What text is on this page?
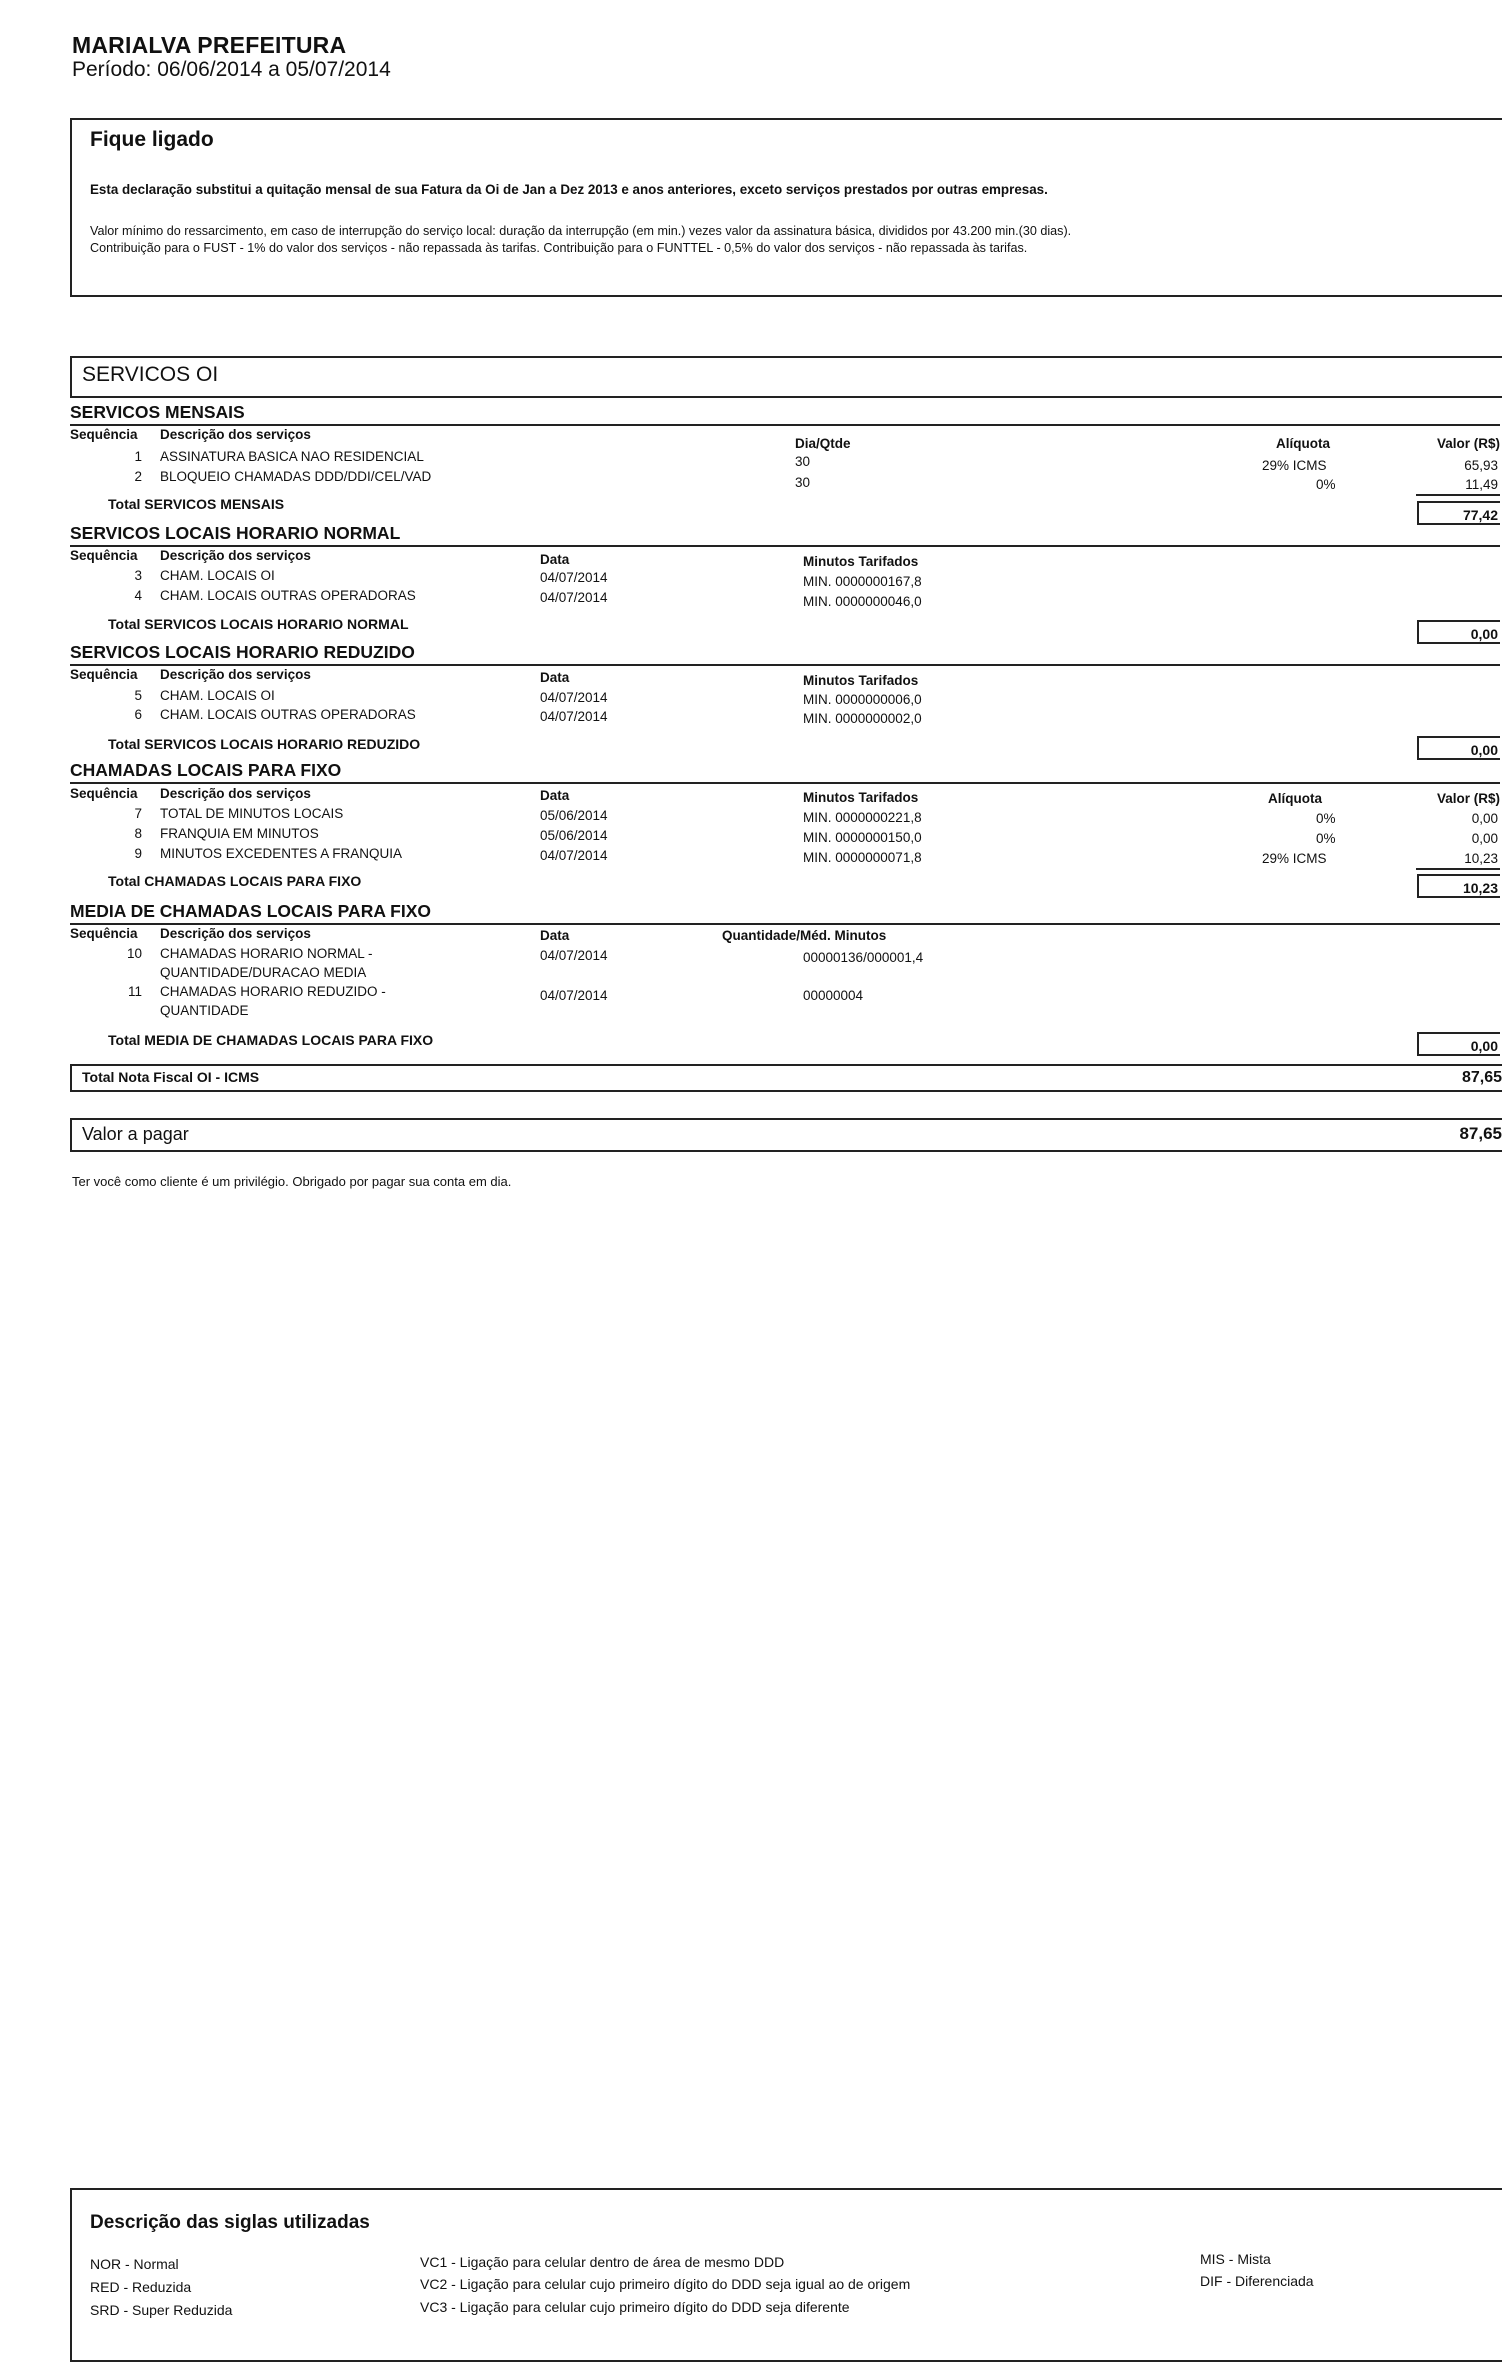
MARIALVA PREFEITURA
Período: 06/06/2014 a 05/07/2014
Fique ligado
Esta declaração substitui a quitação mensal de sua Fatura da Oi de Jan a Dez 2013 e anos anteriores, exceto serviços prestados por outras empresas.
Valor mínimo do ressarcimento, em caso de interrupção do serviço local: duração da interrupção (em min.) vezes valor da assinatura básica, divididos por 43.200 min.(30 dias).
Contribuição para o FUST - 1% do valor dos serviços - não repassada às tarifas. Contribuição para o FUNTTEL - 0,5% do valor dos serviços - não repassada às tarifas.
SERVICOS OI
SERVICOS MENSAIS
Sequência Descrição dos serviços
Dia/Qtde	Alíquota	Valor (R$)
1 ASSINATURA BASICA NAO RESIDENCIAL	30	29% ICMS	65,93
2 BLOQUEIO CHAMADAS DDD/DDI/CEL/VAD	30	0%	11,49
Total SERVICOS MENSAIS
77,42
SERVICOS LOCAIS HORARIO NORMAL
Sequência Descrição dos serviços	Data	Minutos Tarifados
3 CHAM. LOCAIS OI	04/07/2014	MIN. 0000000167,8
4 CHAM. LOCAIS OUTRAS OPERADORAS	04/07/2014	MIN. 0000000046,0
Total SERVICOS LOCAIS HORARIO NORMAL
0,00
SERVICOS LOCAIS HORARIO REDUZIDO
Sequência Descrição dos serviços	Data	Minutos Tarifados
5 CHAM. LOCAIS OI	04/07/2014	MIN. 0000000006,0
6 CHAM. LOCAIS OUTRAS OPERADORAS	04/07/2014	MIN. 0000000002,0
Total SERVICOS LOCAIS HORARIO REDUZIDO	0,00
CHAMADAS LOCAIS PARA FIXO
Sequência Descrição dos serviços	Data	Minutos Tarifados	Alíquota	Valor (R$)
7 TOTAL DE MINUTOS LOCAIS	05/06/2014	MIN. 0000000221,8	0%	0,00
8 FRANQUIA EM MINUTOS	05/06/2014	MIN. 0000000150,0	0%	0,00
9 MINUTOS EXCEDENTES A FRANQUIA	04/07/2014	MIN. 0000000071,8	29% ICMS	10,23
Total CHAMADAS LOCAIS PARA FIXO	10,23
MEDIA DE CHAMADAS LOCAIS PARA FIXO
Sequência Descrição dos serviços	Data	Quantidade/Méd. Minutos
10 CHAMADAS HORARIO NORMAL -
QUANTIDADE/DURACAO MEDIA
04/07/2014	00000136/000001,4
11 CHAMADAS HORARIO REDUZIDO -
QUANTIDADE
04/07/2014	00000004
Total MEDIA DE CHAMADAS LOCAIS PARA FIXO	0,00
Total Nota Fiscal OI - ICMS	87,65
Valor a pagar	87,65
Ter você como cliente é um privilégio. Obrigado por pagar sua conta em dia.
Descrição das siglas utilizadas
NOR - Normal
RED - Reduzida
SRD - Super Reduzida
VC1 - Ligação para celular dentro de área de mesmo DDD
VC2 - Ligação para celular cujo primeiro dígito do DDD seja igual ao de origem
VC3 - Ligação para celular cujo primeiro dígito do DDD seja diferente
MIS - Mista
DIF - Diferenciada
